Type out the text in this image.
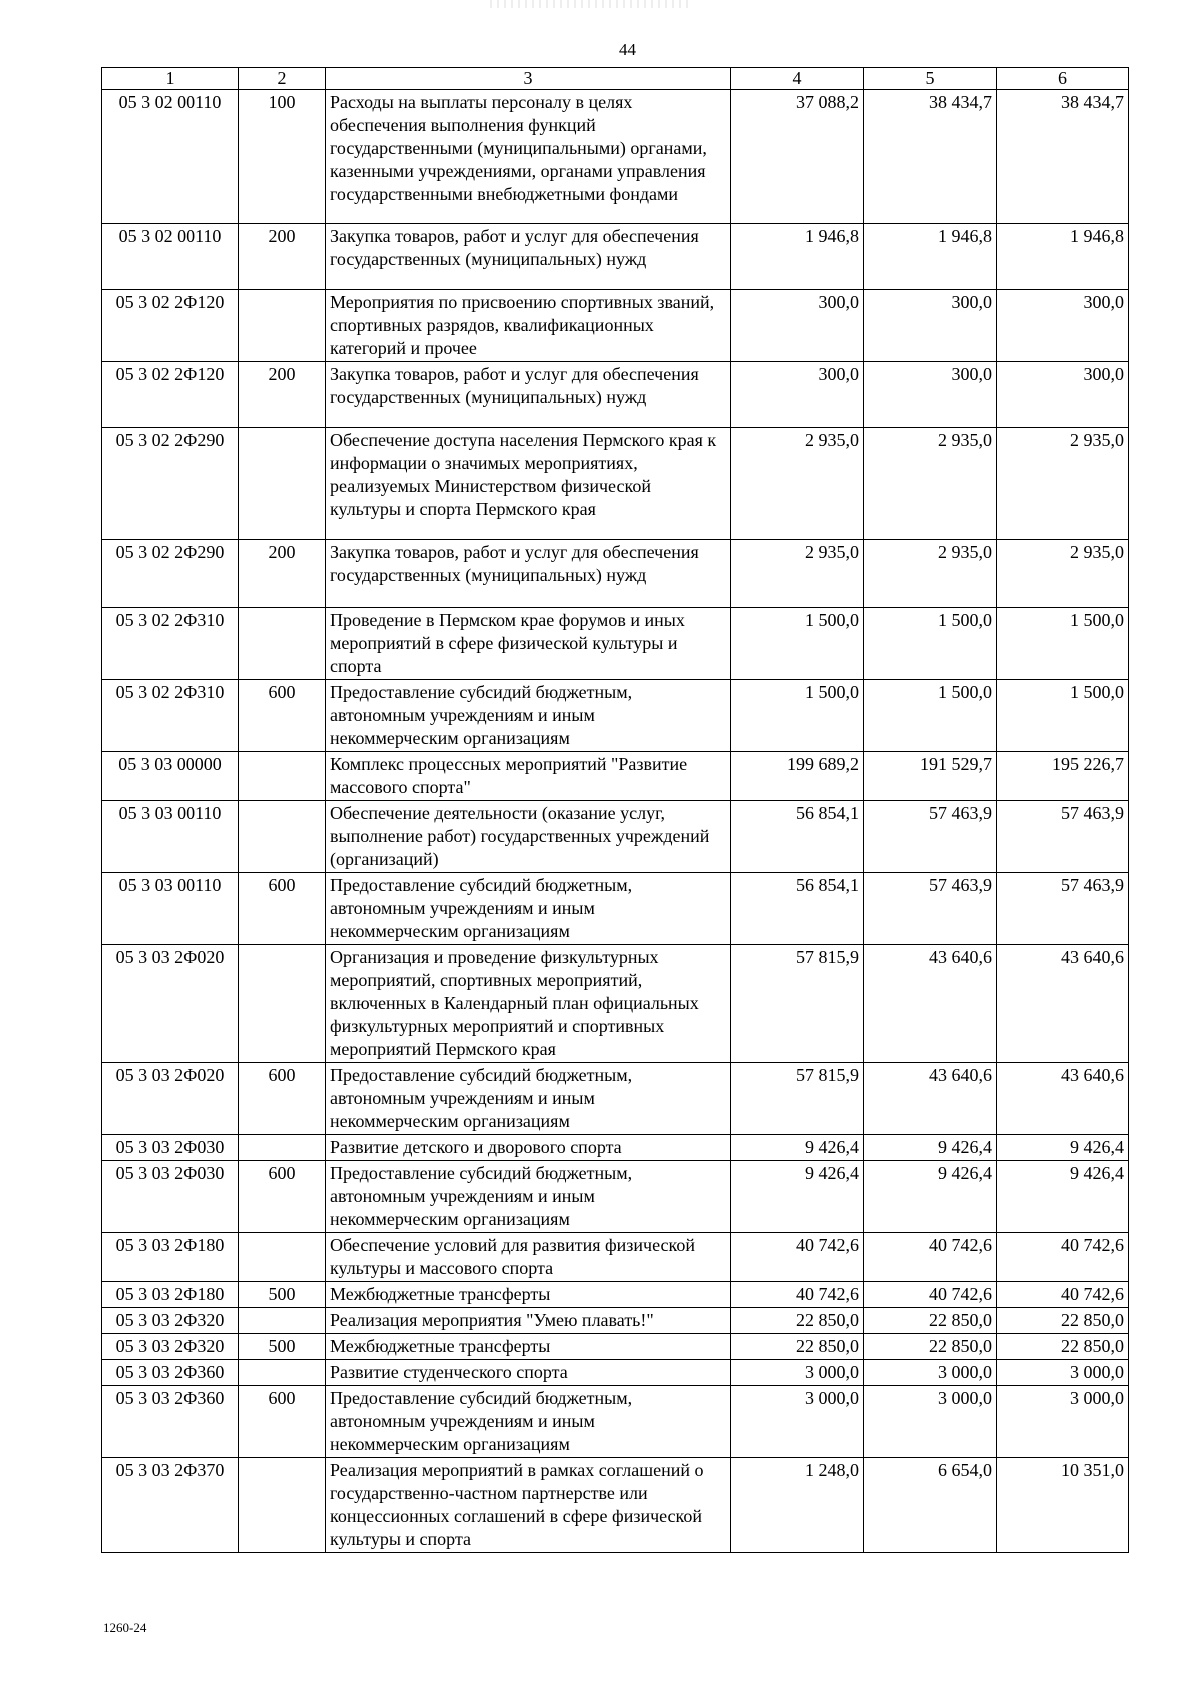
44
1	2	3	4	5	6
05 3 02 00110	100	Расходы на выплаты персоналу в целях обеспечения выполнения функций государственными (муниципальными) органами, казенными учреждениями, органами управления государственными внебюджетными фондами	37 088,2	38 434,7	38 434,7
05 3 02 00110	200	Закупка товаров, работ и услуг для обеспечения государственных (муниципальных) нужд	1 946,8	1 946,8	1 946,8
05 3 02 2Ф120		Мероприятия по присвоению спортивных званий, спортивных разрядов, квалификационных категорий и прочее	300,0	300,0	300,0
05 3 02 2Ф120	200	Закупка товаров, работ и услуг для обеспечения государственных (муниципальных) нужд	300,0	300,0	300,0
05 3 02 2Ф290		Обеспечение доступа населения Пермского края к информации о значимых мероприятиях, реализуемых Министерством физической культуры и спорта Пермского края	2 935,0	2 935,0	2 935,0
05 3 02 2Ф290	200	Закупка товаров, работ и услуг для обеспечения государственных (муниципальных) нужд	2 935,0	2 935,0	2 935,0
05 3 02 2Ф310		Проведение в Пермском крае форумов и иных мероприятий в сфере физической культуры и спорта	1 500,0	1 500,0	1 500,0
05 3 02 2Ф310	600	Предоставление субсидий бюджетным, автономным учреждениям и иным некоммерческим организациям	1 500,0	1 500,0	1 500,0
05 3 03 00000		Комплекс процессных мероприятий "Развитие массового спорта"	199 689,2	191 529,7	195 226,7
05 3 03 00110		Обеспечение деятельности (оказание услуг, выполнение работ) государственных учреждений (организаций)	56 854,1	57 463,9	57 463,9
05 3 03 00110	600	Предоставление субсидий бюджетным, автономным учреждениям и иным некоммерческим организациям	56 854,1	57 463,9	57 463,9
05 3 03 2Ф020		Организация и проведение физкультурных мероприятий, спортивных мероприятий, включенных в Календарный план официальных физкультурных мероприятий и спортивных мероприятий Пермского края	57 815,9	43 640,6	43 640,6
05 3 03 2Ф020	600	Предоставление субсидий бюджетным, автономным учреждениям и иным некоммерческим организациям	57 815,9	43 640,6	43 640,6
05 3 03 2Ф030		Развитие детского и дворового спорта	9 426,4	9 426,4	9 426,4
05 3 03 2Ф030	600	Предоставление субсидий бюджетным, автономным учреждениям и иным некоммерческим организациям	9 426,4	9 426,4	9 426,4
05 3 03 2Ф180		Обеспечение условий для развития физической культуры и массового спорта	40 742,6	40 742,6	40 742,6
05 3 03 2Ф180	500	Межбюджетные трансферты	40 742,6	40 742,6	40 742,6
05 3 03 2Ф320		Реализация мероприятия "Умею плавать!"	22 850,0	22 850,0	22 850,0
05 3 03 2Ф320	500	Межбюджетные трансферты	22 850,0	22 850,0	22 850,0
05 3 03 2Ф360		Развитие студенческого спорта	3 000,0	3 000,0	3 000,0
05 3 03 2Ф360	600	Предоставление субсидий бюджетным, автономным учреждениям и иным некоммерческим организациям	3 000,0	3 000,0	3 000,0
05 3 03 2Ф370		Реализация мероприятий в рамках соглашений о государственно-частном партнерстве или концессионных соглашений в сфере физической культуры и спорта	1 248,0	6 654,0	10 351,0
1260-24
